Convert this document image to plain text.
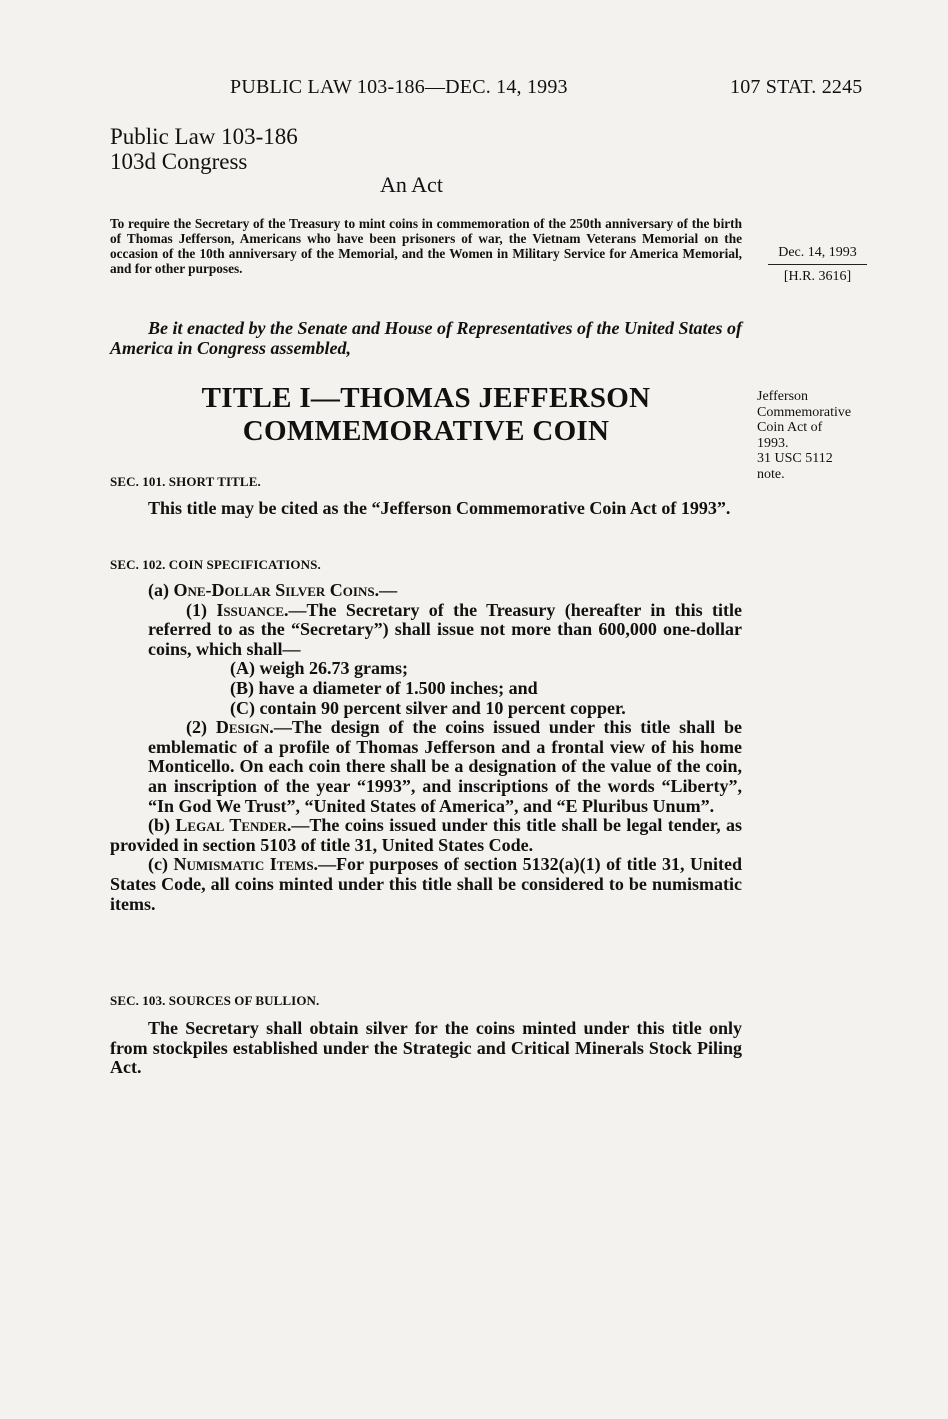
PUBLIC LAW 103-186—DEC. 14, 1993	107 STAT. 2245
Public Law 103-186
103d Congress
An Act
To require the Secretary of the Treasury to mint coins in commemoration of the 250th anniversary of the birth of Thomas Jefferson, Americans who have been prisoners of war, the Vietnam Veterans Memorial on the occasion of the 10th anniversary of the Memorial, and the Women in Military Service for America Memorial, and for other purposes.
Dec. 14, 1993
[H.R. 3616]
Be it enacted by the Senate and House of Representatives of the United States of America in Congress assembled,
TITLE I—THOMAS JEFFERSON
COMMEMORATIVE COIN
Jefferson
Commemorative
Coin Act of
1993.
31 USC 5112
note.
SEC. 101. SHORT TITLE.
This title may be cited as the “Jefferson Commemorative Coin Act of 1993”.
SEC. 102. COIN SPECIFICATIONS.
(a) One-Dollar Silver Coins.—
(1) Issuance.—The Secretary of the Treasury (hereafter in this title referred to as the “Secretary”) shall issue not more than 600,000 one-dollar coins, which shall—
(A) weigh 26.73 grams;
(B) have a diameter of 1.500 inches; and
(C) contain 90 percent silver and 10 percent copper.
(2) Design.—The design of the coins issued under this title shall be emblematic of a profile of Thomas Jefferson and a frontal view of his home Monticello. On each coin there shall be a designation of the value of the coin, an inscription of the year “1993”, and inscriptions of the words “Liberty”, “In God We Trust”, “United States of America”, and “E Pluribus Unum”.
(b) Legal Tender.—The coins issued under this title shall be legal tender, as provided in section 5103 of title 31, United States Code.
(c) Numismatic Items.—For purposes of section 5132(a)(1) of title 31, United States Code, all coins minted under this title shall be considered to be numismatic items.
SEC. 103. SOURCES OF BULLION.
The Secretary shall obtain silver for the coins minted under this title only from stockpiles established under the Strategic and Critical Minerals Stock Piling Act.
